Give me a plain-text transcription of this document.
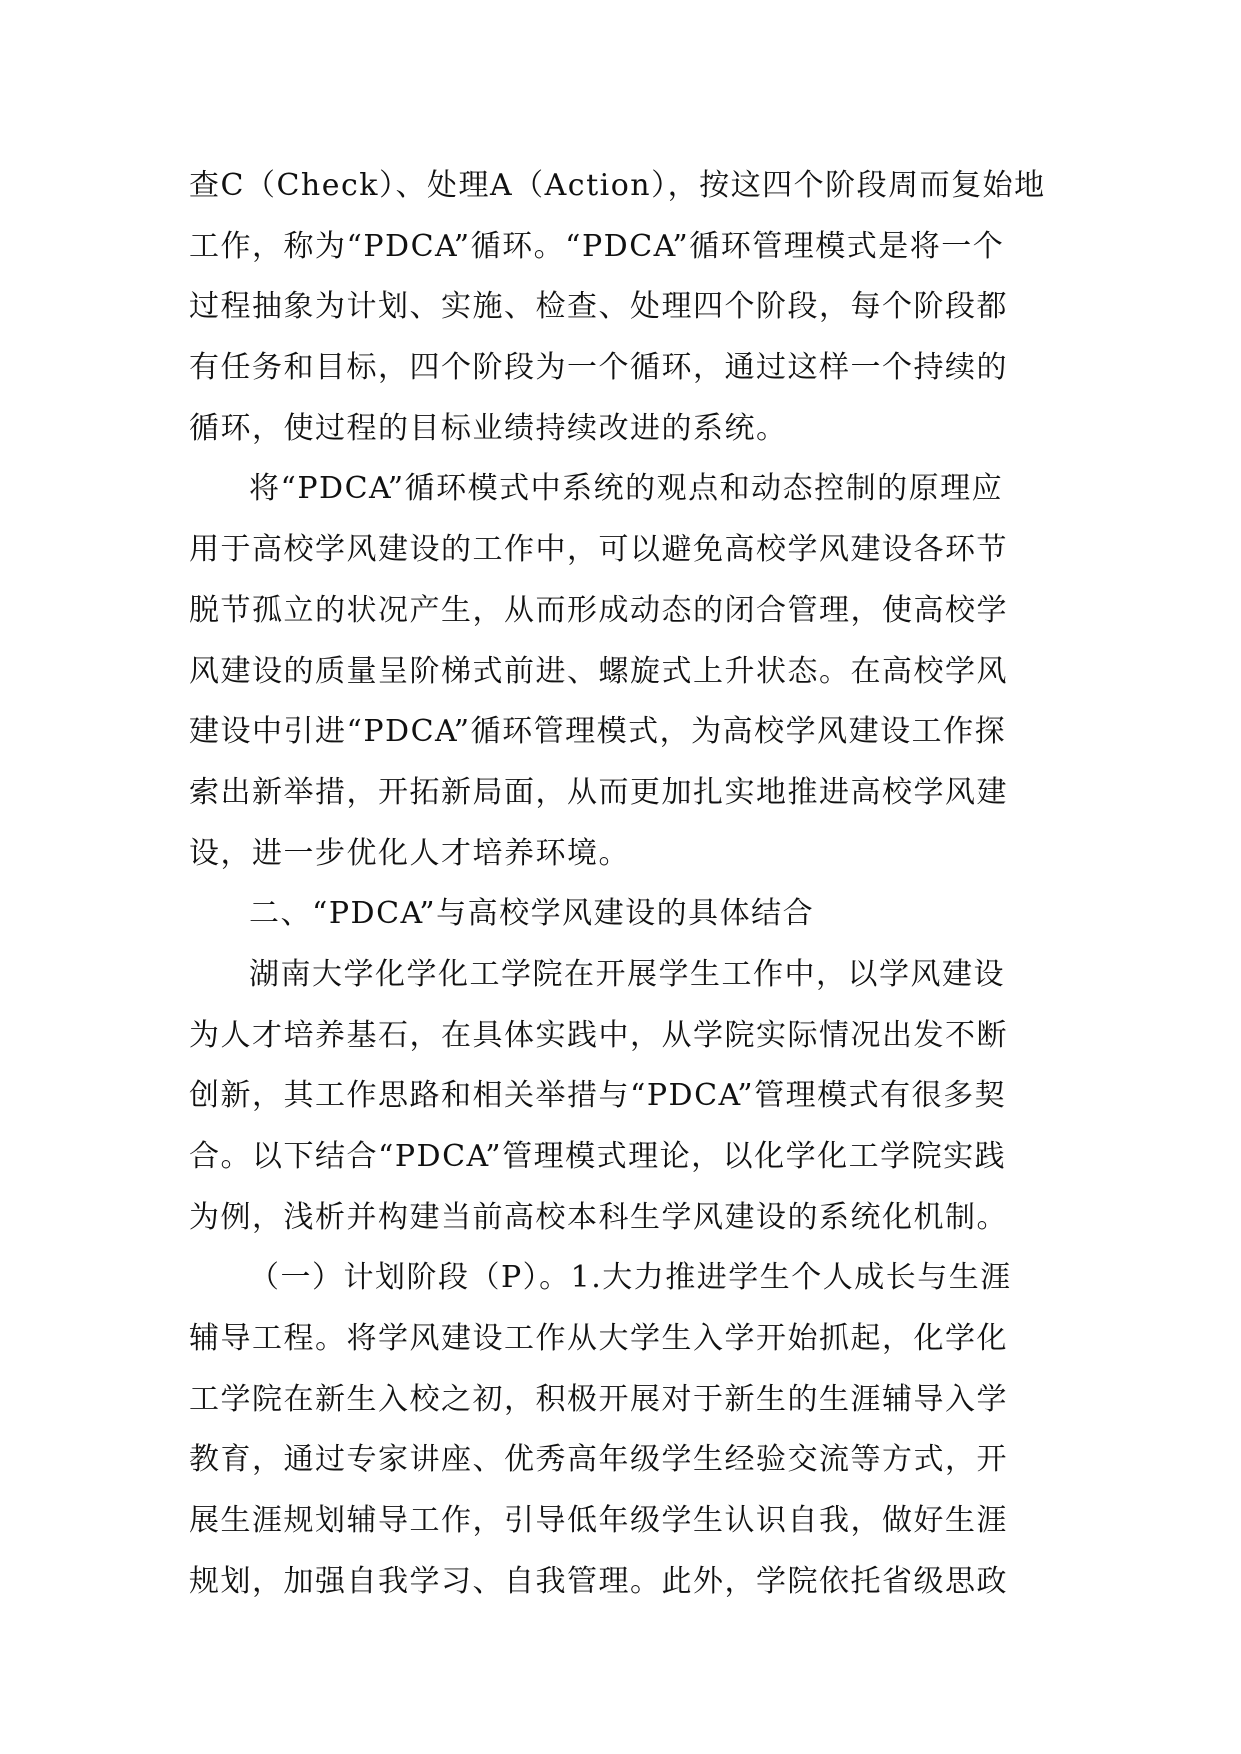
查C（Check）、处理A（Action），按这四个阶段周而复始地
工作，称为“PDCA”循环。“PDCA”循环管理模式是将一个
过程抽象为计划、实施、检查、处理四个阶段，每个阶段都
有任务和目标，四个阶段为一个循环，通过这样一个持续的
循环，使过程的目标业绩持续改进的系统。
将“PDCA”循环模式中系统的观点和动态控制的原理应
用于高校学风建设的工作中，可以避免高校学风建设各环节
脱节孤立的状况产生，从而形成动态的闭合管理，使高校学
风建设的质量呈阶梯式前进、螺旋式上升状态。在高校学风
建设中引进“PDCA”循环管理模式，为高校学风建设工作探
索出新举措，开拓新局面，从而更加扎实地推进高校学风建
设，进一步优化人才培养环境。
二、“PDCA”与高校学风建设的具体结合
湖南大学化学化工学院在开展学生工作中，以学风建设
为人才培养基石，在具体实践中，从学院实际情况出发不断
创新，其工作思路和相关举措与“PDCA”管理模式有很多契
合。以下结合“PDCA”管理模式理论，以化学化工学院实践
为例，浅析并构建当前高校本科生学风建设的系统化机制。
（一）计划阶段（P）。1.大力推进学生个人成长与生涯
辅导工程。将学风建设工作从大学生入学开始抓起，化学化
工学院在新生入校之初，积极开展对于新生的生涯辅导入学
教育，通过专家讲座、优秀高年级学生经验交流等方式，开
展生涯规划辅导工作，引导低年级学生认识自我，做好生涯
规划，加强自我学习、自我管理。此外，学院依托省级思政
